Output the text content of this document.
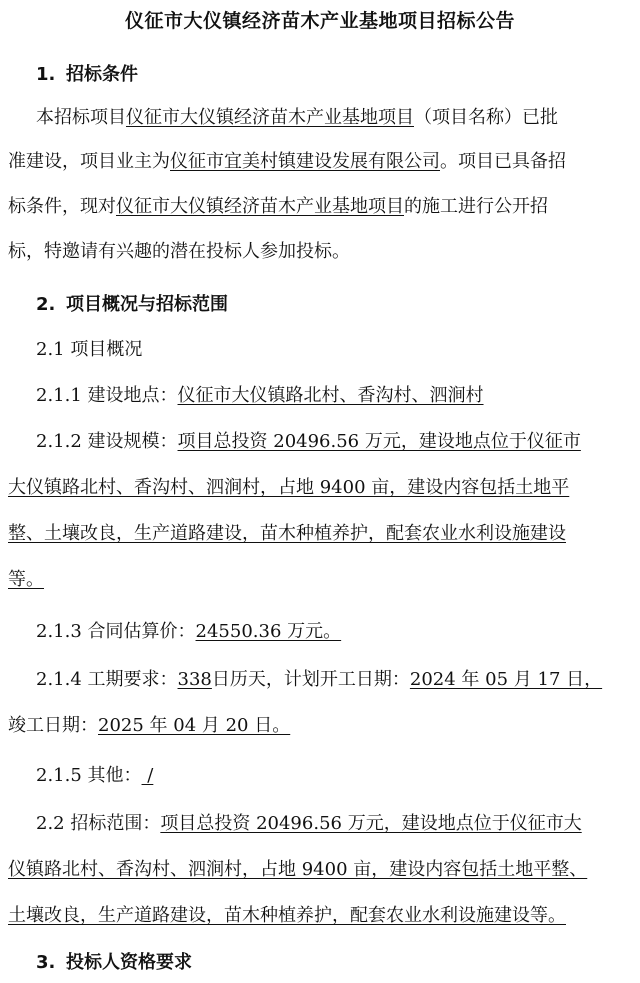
仪征市大仪镇经济苗木产业基地项目招标公告
1. 招标条件
本招标项目仪征市大仪镇经济苗木产业基地项目（项目名称）已批
准建设，项目业主为仪征市宜美村镇建设发展有限公司。项目已具备招
标条件，现对仪征市大仪镇经济苗木产业基地项目的施工进行公开招
标，特邀请有兴趣的潜在投标人参加投标。
2. 项目概况与招标范围
2.1 项目概况
2.1.1 建设地点：仪征市大仪镇路北村、香沟村、泗涧村
2.1.2 建设规模：项目总投资 20496.56 万元，建设地点位于仪征市
大仪镇路北村、香沟村、泗涧村，占地 9400 亩，建设内容包括土地平
整、土壤改良，生产道路建设，苗木种植养护，配套农业水利设施建设
等。
2.1.3 合同估算价：24550.36 万元。
2.1.4 工期要求：338日历天，计划开工日期：2024 年 05 月 17 日，
竣工日期：2025 年 04 月 20 日。
2.1.5 其他： /
2.2 招标范围：项目总投资 20496.56 万元，建设地点位于仪征市大
仪镇路北村、香沟村、泗涧村，占地 9400 亩，建设内容包括土地平整、
土壤改良，生产道路建设，苗木种植养护，配套农业水利设施建设等。
3. 投标人资格要求
